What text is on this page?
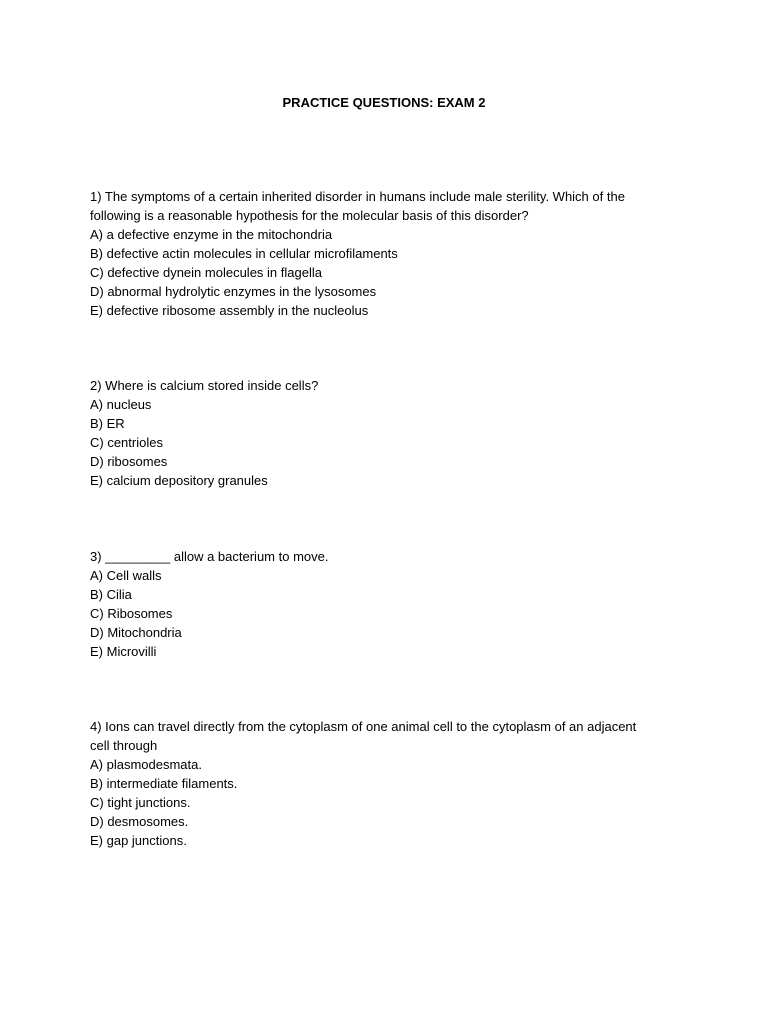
PRACTICE QUESTIONS: EXAM 2
1) The symptoms of a certain inherited disorder in humans include male sterility. Which of the
following is a reasonable hypothesis for the molecular basis of this disorder?
A) a defective enzyme in the mitochondria
B) defective actin molecules in cellular microfilaments
C) defective dynein molecules in flagella
D) abnormal hydrolytic enzymes in the lysosomes
E) defective ribosome assembly in the nucleolus
2) Where is calcium stored inside cells?
A) nucleus
B) ER
C) centrioles
D) ribosomes
E) calcium depository granules
3) _________ allow a bacterium to move.
A) Cell walls
B) Cilia
C) Ribosomes
D) Mitochondria
E) Microvilli
4) Ions can travel directly from the cytoplasm of one animal cell to the cytoplasm of an adjacent
cell through
A) plasmodesmata.
B) intermediate filaments.
C) tight junctions.
D) desmosomes.
E) gap junctions.
